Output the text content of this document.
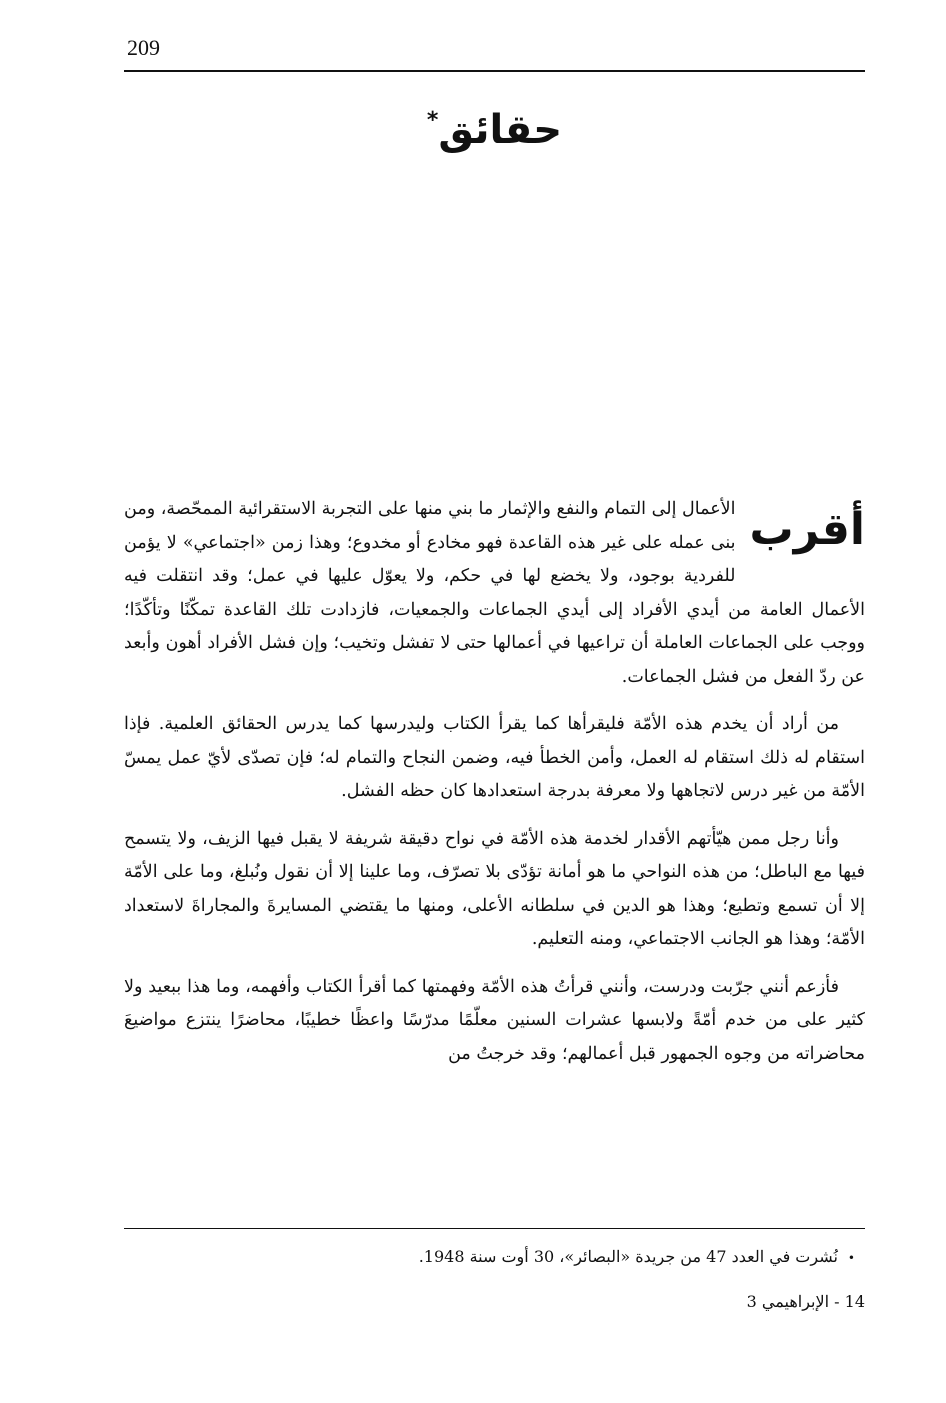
209
حقائق*

أقرب
الأعمال إلى التمام والنفع والإثمار ما بني منها على التجربة الاستقرائية الممحّصة، ومن بنى عمله على غير هذه القاعدة فهو مخادع أو مخدوع؛ وهذا زمن «اجتماعي» لا يؤمن للفردية بوجود، ولا يخضع لها في حكم، ولا يعوّل عليها في عمل؛ وقد انتقلت فيه الأعمال العامة من أيدي الأفراد إلى أيدي الجماعات والجمعيات، فازدادت تلك القاعدة تمكّنًا وتأكّدًا؛ ووجب على الجماعات العاملة أن تراعيها في أعمالها حتى لا تفشل وتخيب؛ وإن فشل الأفراد أهون وأبعد عن ردّ الفعل من فشل الجماعات.

من أراد أن يخدم هذه الأمّة فليقرأها كما يقرأ الكتاب وليدرسها كما يدرس الحقائق العلمية. فإذا استقام له ذلك استقام له العمل، وأمن الخطأ فيه، وضمن النجاح والتمام له؛ فإن تصدّى لأيّ عمل يمسّ الأمّة من غير درس لاتجاهها ولا معرفة بدرجة استعدادها كان حظه الفشل.

وأنا رجل ممن هيّأتهم الأقدار لخدمة هذه الأمّة في نواح دقيقة شريفة لا يقبل فيها الزيف، ولا يتسمح فيها مع الباطل؛ من هذه النواحي ما هو أمانة تؤدّى بلا تصرّف، وما علينا إلا أن نقول ونُبلغ، وما على الأمّة إلا أن تسمع وتطيع؛ وهذا هو الدين في سلطانه الأعلى، ومنها ما يقتضي المسايرةَ والمجاراةَ لاستعداد الأمّة؛ وهذا هو الجانب الاجتماعي، ومنه التعليم.

فأزعم أنني جرّبت ودرست، وأنني قرأتُ هذه الأمّة وفهمتها كما أقرأ الكتاب وأفهمه، وما هذا ببعيد ولا كثير على من خدم أمّةً ولابسها عشرات السنين معلّمًا مدرّسًا واعظًا خطيبًا، محاضرًا ينتزع مواضيعَ محاضراته من وجوه الجمهور قبل أعمالهم؛ وقد خرجتُ من

•نُشرت في العدد 47 من جريدة «البصائر»، 30 أوت سنة 1948.
14 - الإبراهيمي 3
